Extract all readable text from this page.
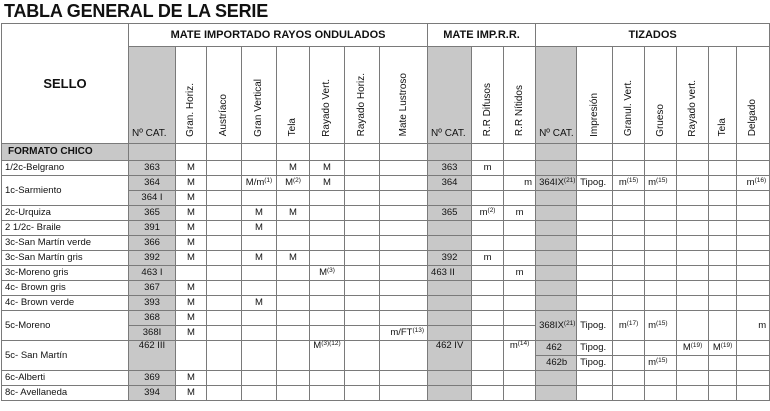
TABLA GENERAL DE LA SERIE
SELLO	MATE IMPORTADO RAYOS ONDULADOS								MATE IMP.R.R.			TIZADOS						
	Nº CAT.	Gran. Horiz.	Austríaco	Gran Vertical	Tela	Rayado Vert.	Rayado Horiz.	Mate Lustroso	Nº CAT.	R.R Difusos	R.R Nítidos	Nº CAT.	Impresión	Granul. Vert.	Grueso	Rayado vert.	Tela	Delgado
FORMATO CHICO																		
1/2c-Belgrano	363	M			M	M			363	m								
1c-Sarmiento	364	M		$M/m^{(1)}$	$M^{(2)}$	M			364		m	364IX$^{(21)}$	Tipog.	$m^{(15)}$	$m^{(15)}$			$m^{(16)}$
	364 I	M																
2c-Urquiza	365	M		M	M				365	$m^{(2)}$	m							
2 1/2c- Braile	391	M		M														
3c-San Martín verde	366	M																
3c-San Martín gris	392	M		M	M				392	m								
3c-Moreno gris	463 I					$M^{(3)}$			463 II		m							
4c- Brown gris	367	M																
4c- Brown verde	393	M		M														
5c-Moreno	368	M										368IX$^{(21)}$	Tipog.	$m^{(17)}$	$m^{(15)}$			m
	368I	M						m/FT$^{(13)}$			
5c- San Martín	462 III					$M^{(3)(12)}$			462 IV		$m^{(14)}$	462	Tipog.			$M^{(19)}$	$M^{(19)}$	
												462b	Tipog.		$m^{(15)}$			
6c-Alberti	369	M																
8c- Avellaneda	394	M																
